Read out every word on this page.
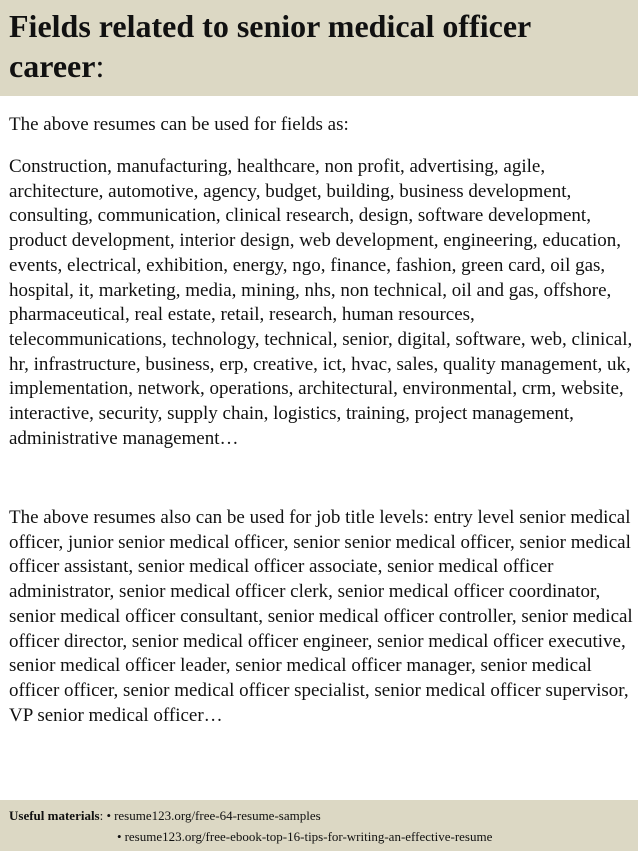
Fields related to senior medical officer career:

The above resumes can be used for fields as:

Construction, manufacturing, healthcare, non profit, advertising, agile, architecture, automotive, agency, budget, building, business development, consulting, communication, clinical research, design, software development, product development, interior design, web development, engineering, education, events, electrical, exhibition, energy, ngo, finance, fashion, green card, oil gas, hospital, it, marketing, media, mining, nhs, non technical, oil and gas, offshore, pharmaceutical, real estate, retail, research, human resources, telecommunications, technology, technical, senior, digital, software, web, clinical, hr, infrastructure, business, erp, creative, ict, hvac, sales, quality management, uk, implementation, network, operations, architectural, environmental, crm, website, interactive, security, supply chain, logistics, training, project management, administrative management…

The above resumes also can be used for job title levels: entry level senior medical officer, junior senior medical officer, senior senior medical officer, senior medical officer assistant, senior medical officer associate, senior medical officer administrator, senior medical officer clerk, senior medical officer coordinator, senior medical officer consultant, senior medical officer controller, senior medical officer director, senior medical officer engineer, senior medical officer executive, senior medical officer leader, senior medical officer manager, senior medical officer officer, senior medical officer specialist, senior medical officer supervisor, VP senior medical officer…

Useful materials: • resume123.org/free-64-resume-samples
• resume123.org/free-ebook-top-16-tips-for-writing-an-effective-resume
